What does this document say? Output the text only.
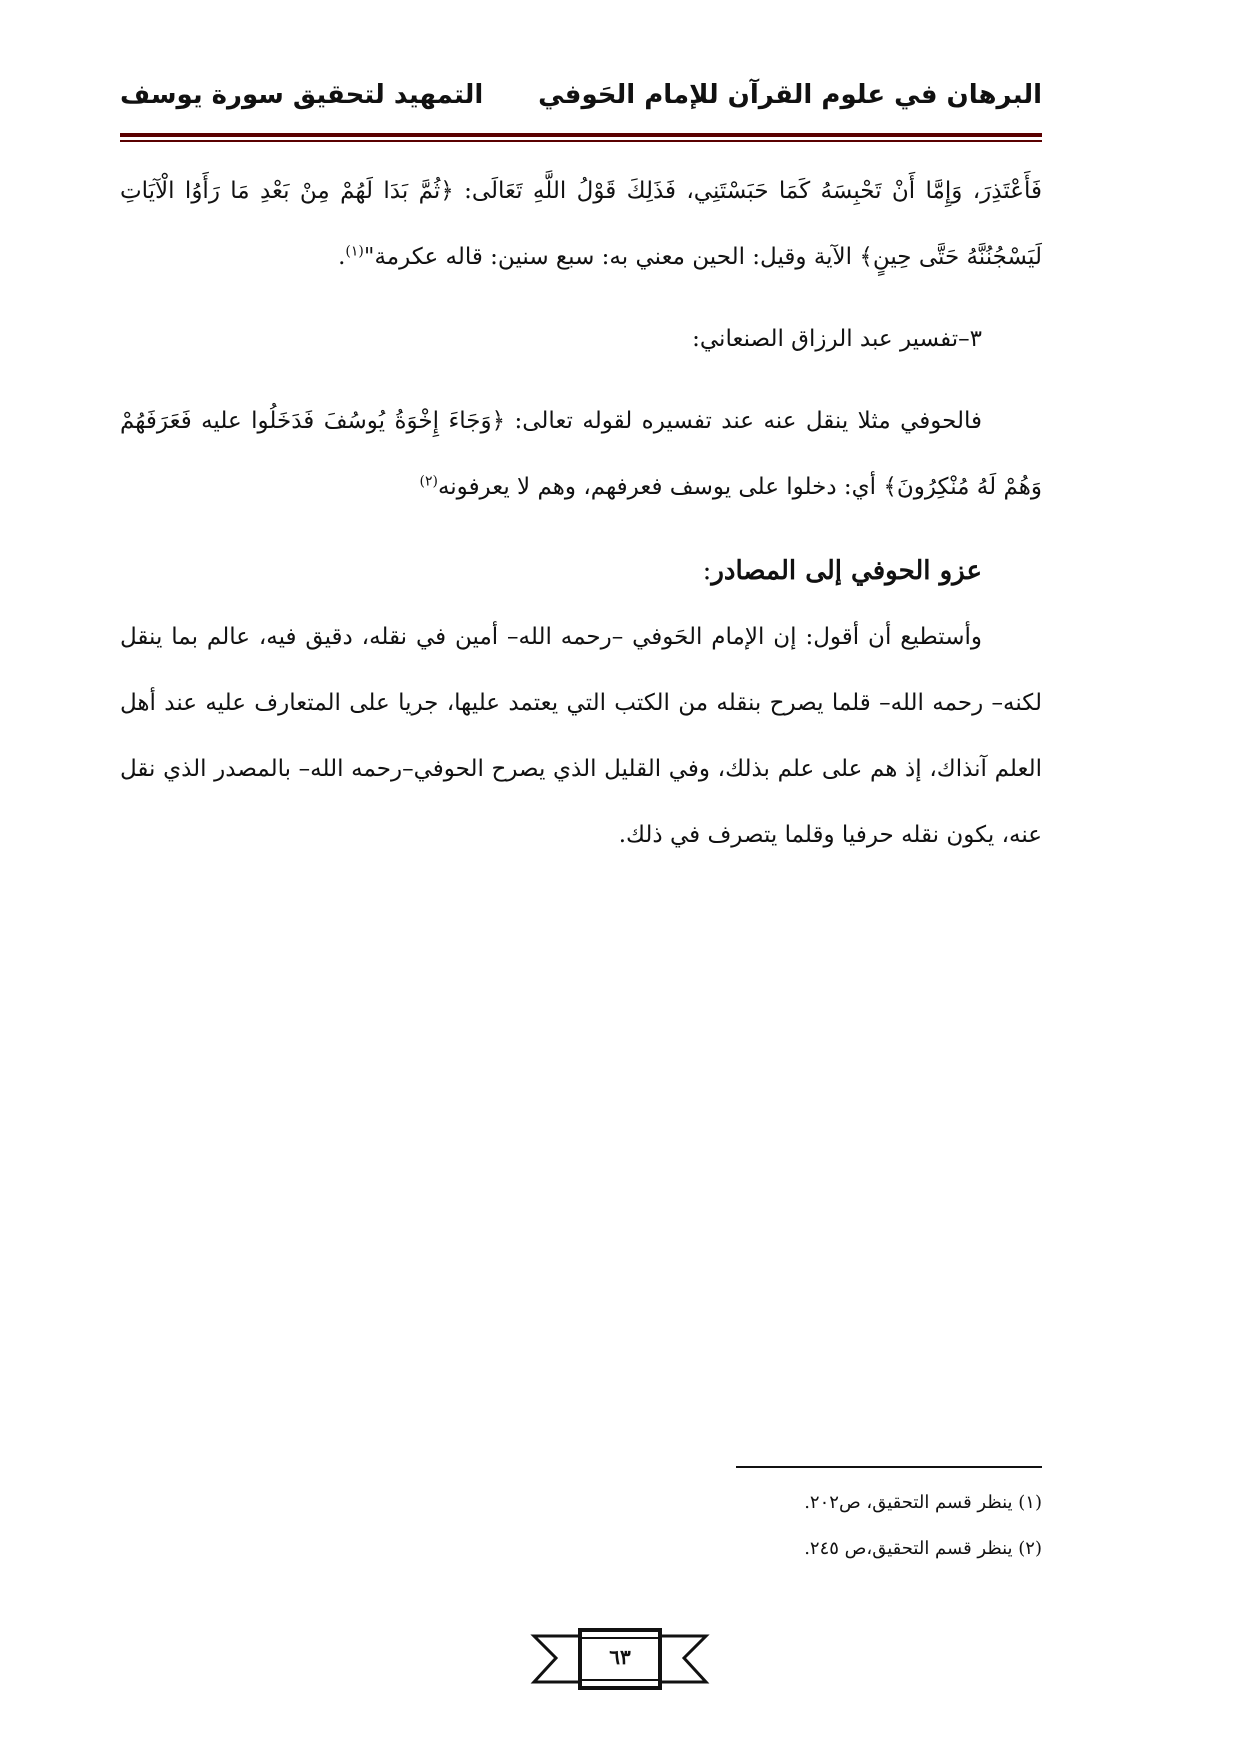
البرهان في علوم القرآن للإمام الحَوفي
التمهيد لتحقيق سورة يوسف

فَأَعْتَذِرَ، وَإِمَّا أَنْ تَحْبِسَهُ كَمَا حَبَسْتَنِي، فَذَلِكَ قَوْلُ اللَّهِ تَعَالَى: ﴿ثُمَّ بَدَا لَهُمْ مِنْ بَعْدِ مَا رَأَوُا الْآيَاتِ لَيَسْجُنُنَّهُ حَتَّى حِينٍ﴾ الآية وقيل: الحين معني به: سبع سنين: قاله عكرمة"$^{(١)}$.

٣–تفسير عبد الرزاق الصنعاني:

فالحوفي مثلا ينقل عنه عند تفسيره لقوله تعالى: ﴿وَجَاءَ إِخْوَةُ يُوسُفَ فَدَخَلُوا عليه فَعَرَفَهُمْ وَهُمْ لَهُ مُنْكِرُونَ﴾ أي: دخلوا على يوسف فعرفهم، وهم لا يعرفونه$^{(٢)}$

عزو الحوفي إلى المصادر:

وأستطيع أن أقول: إن الإمام الحَوفي –رحمه الله– أمين في نقله، دقيق فيه، عالم بما ينقل لكنه– رحمه الله– قلما يصرح بنقله من الكتب التي يعتمد عليها، جريا على المتعارف عليه عند أهل العلم آنذاك، إذ هم على علم بذلك، وفي القليل الذي يصرح الحوفي–رحمه الله– بالمصدر الذي نقل عنه، يكون نقله حرفيا وقلما يتصرف في ذلك.

(١) ينظر قسم التحقيق، ص٢٠٢.

(٢) ينظر قسم التحقيق،ص ٢٤٥.

٦٣
